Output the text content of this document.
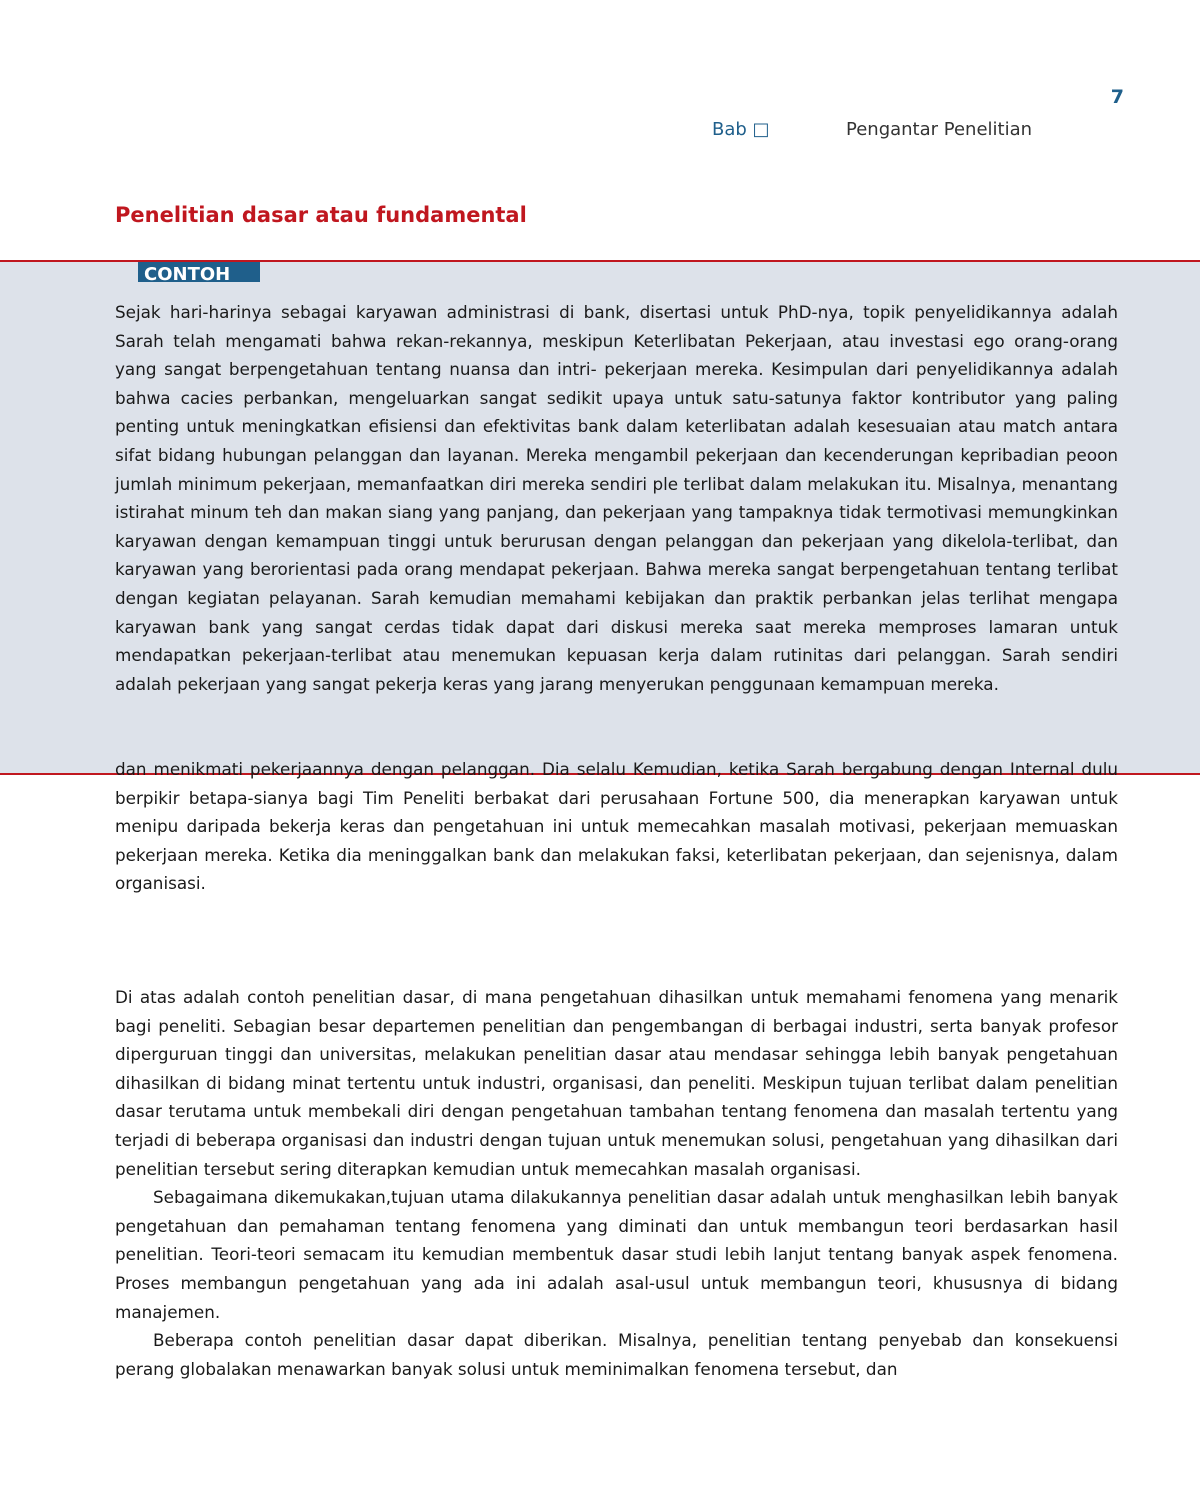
7
Bab □	Pengantar Penelitian
Penelitian dasar atau fundamental
CONTOH

Sejak hari-harinya sebagai karyawan administrasi di bank, disertasi untuk PhD-nya, topik penyelidikannya adalah Sarah telah mengamati bahwa rekan-rekannya, meskipun Keterlibatan Pekerjaan, atau investasi ego orang-orang yang sangat berpengetahuan tentang nuansa dan intri- pekerjaan mereka. Kesimpulan dari penyelidikannya adalah bahwa cacies perbankan, mengeluarkan sangat sedikit upaya untuk satu-satunya faktor kontributor yang paling penting untuk meningkatkan efisiensi dan efektivitas bank dalam keterlibatan adalah kesesuaian atau match antara sifat bidang hubungan pelanggan dan layanan. Mereka mengambil pekerjaan dan kecenderungan kepribadian peoon jumlah minimum pekerjaan, memanfaatkan diri mereka sendiri ple terlibat dalam melakukan itu. Misalnya, menantang istirahat minum teh dan makan siang yang panjang, dan pekerjaan yang tampaknya tidak termotivasi memungkinkan karyawan dengan kemampuan tinggi untuk berurusan dengan pelanggan dan pekerjaan yang dikelola-terlibat, dan karyawan yang berorientasi pada orang mendapat pekerjaan. Bahwa mereka sangat berpengetahuan tentang terlibat dengan kegiatan pelayanan. Sarah kemudian memahami kebijakan dan praktik perbankan jelas terlihat mengapa karyawan bank yang sangat cerdas tidak dapat dari diskusi mereka saat mereka memproses lamaran untuk mendapatkan pekerjaan-terlibat atau menemukan kepuasan kerja dalam rutinitas dari pelanggan. Sarah sendiri adalah pekerjaan yang sangat pekerja keras yang jarang menyerukan penggunaan kemampuan mereka.

dan menikmati pekerjaannya dengan pelanggan. Dia selalu Kemudian, ketika Sarah bergabung dengan Internal dulu berpikir betapa-sianya bagi Tim Peneliti berbakat dari perusahaan Fortune 500, dia menerapkan karyawan untuk menipu daripada bekerja keras dan pengetahuan ini untuk memecahkan masalah motivasi, pekerjaan memuaskan pekerjaan mereka. Ketika dia meninggalkan bank dan melakukan faksi, keterlibatan pekerjaan, dan sejenisnya, dalam organisasi.

Di atas adalah contoh penelitian dasar, di mana pengetahuan dihasilkan untuk memahami fenomena yang menarik bagi peneliti. Sebagian besar departemen penelitian dan pengembangan di berbagai industri, serta banyak profesor diperguruan tinggi dan universitas, melakukan penelitian dasar atau mendasar sehingga lebih banyak pengetahuan dihasilkan di bidang minat tertentu untuk industri, organisasi, dan peneliti. Meskipun tujuan terlibat dalam penelitian dasar terutama untuk membekali diri dengan pengetahuan tambahan tentang fenomena dan masalah tertentu yang terjadi di beberapa organisasi dan industri dengan tujuan untuk menemukan solusi, pengetahuan yang dihasilkan dari penelitian tersebut sering diterapkan kemudian untuk memecahkan masalah organisasi.

Sebagaimana dikemukakan,tujuan utama dilakukannya penelitian dasar adalah untuk menghasilkan lebih banyak pengetahuan dan pemahaman tentang fenomena yang diminati dan untuk membangun teori berdasarkan hasil penelitian. Teori-teori semacam itu kemudian membentuk dasar studi lebih lanjut tentang banyak aspek fenomena. Proses membangun pengetahuan yang ada ini adalah asal-usul untuk membangun teori, khususnya di bidang manajemen.

Beberapa contoh penelitian dasar dapat diberikan. Misalnya, penelitian tentang penyebab dan konsekuensi perang globalakan menawarkan banyak solusi untuk meminimalkan fenomena tersebut, dan
